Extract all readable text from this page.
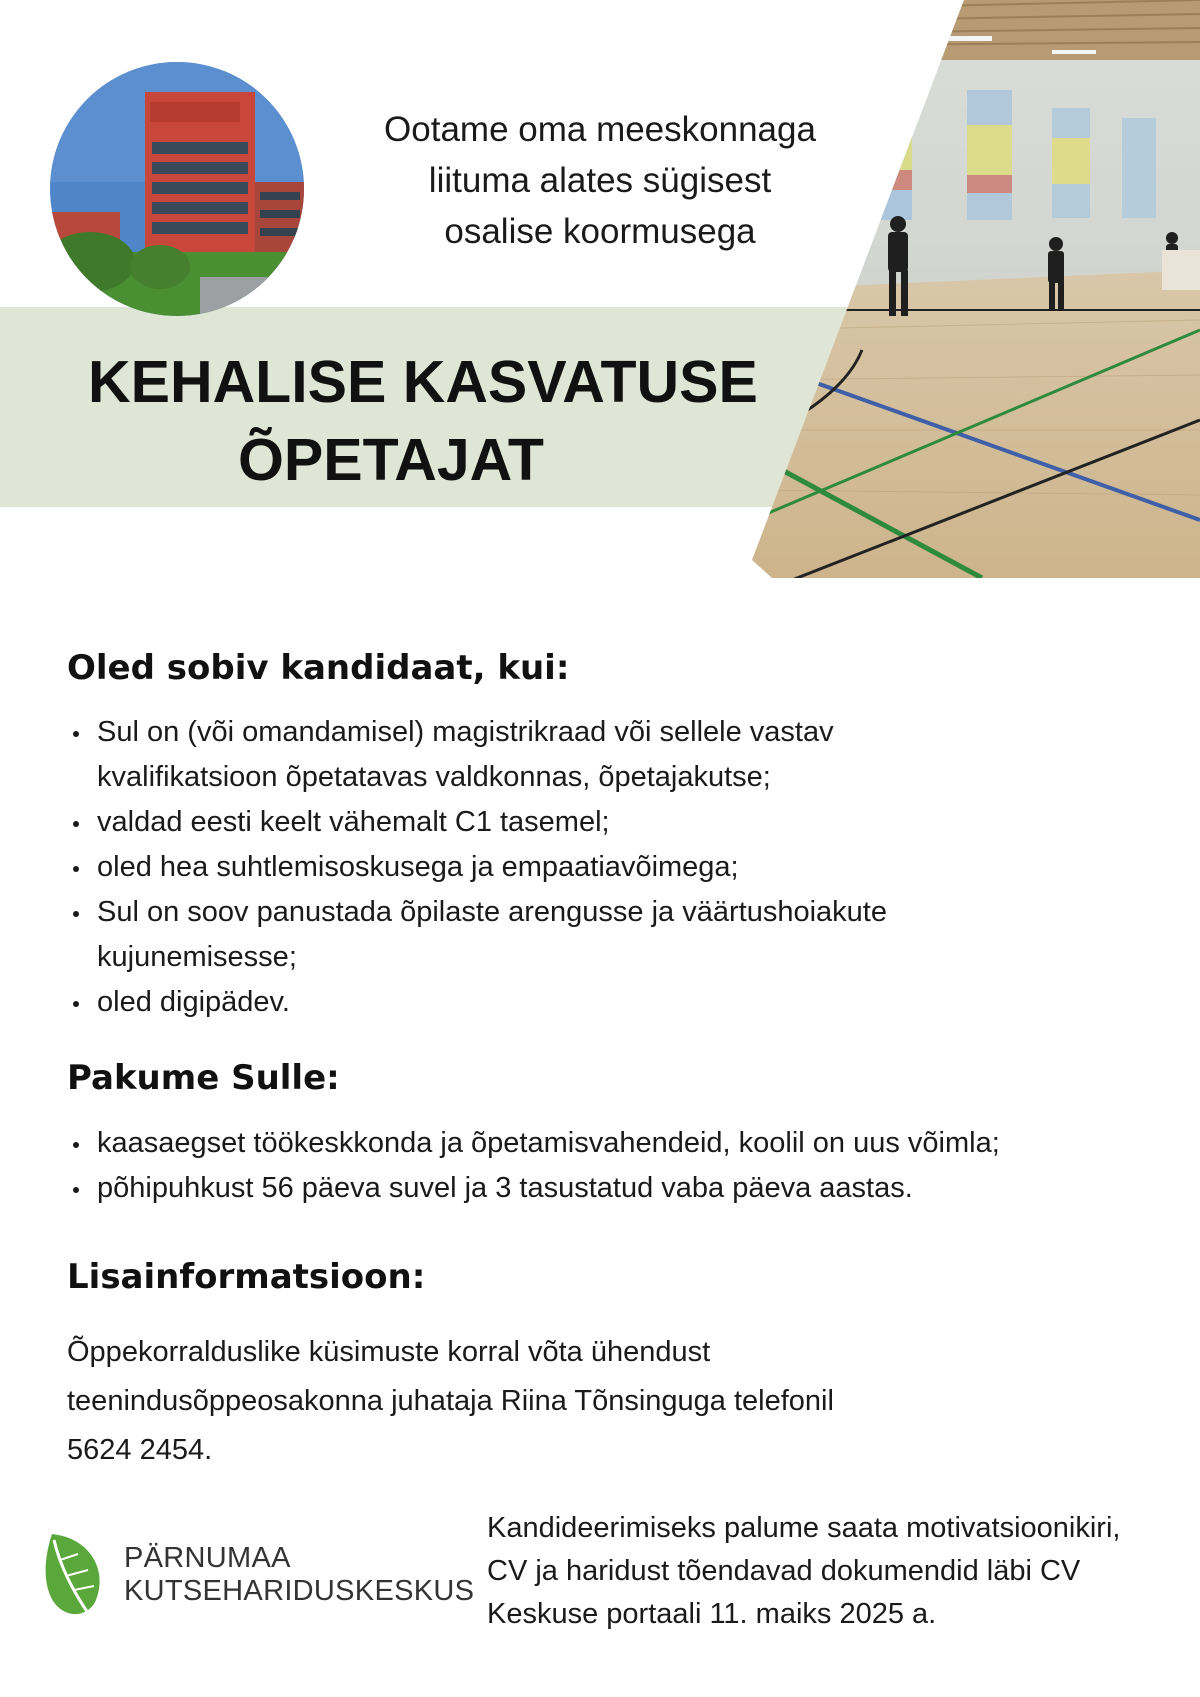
Ootame oma meeskonnaga
liituma alates sügisest
osalise koormusega
KEHALISE KASVATUSE
ÕPETAJAT
Oled sobiv kandidaat, kui:
Sul on (või omandamisel) magistrikraad või sellele vastav
kvalifikatsioon õpetatavas valdkonnas, õpetajakutse;
valdad eesti keelt vähemalt C1 tasemel;
oled hea suhtlemisoskusega ja empaatiavõimega;
Sul on soov panustada õpilaste arengusse ja väärtushoiakute
kujunemisesse;
oled digipädev.
Pakume Sulle:
kaasaegset töökeskkonda ja õpetamisvahendeid, koolil on uus võimla;
põhipuhkust 56 päeva suvel ja 3 tasustatud vaba päeva aastas.
Lisainformatsioon:
Õppekorralduslike küsimuste korral võta ühendust
teenindusõppeosakonna juhataja Riina Tõnsinguga telefonil
5624 2454.
PÄRNUMAA
KUTSEHARIDUSKESKUS
Kandideerimiseks palume saata motivatsioonikiri,
CV ja haridust tõendavad dokumendid läbi CV
Keskuse portaali 11. maiks 2025 a.
